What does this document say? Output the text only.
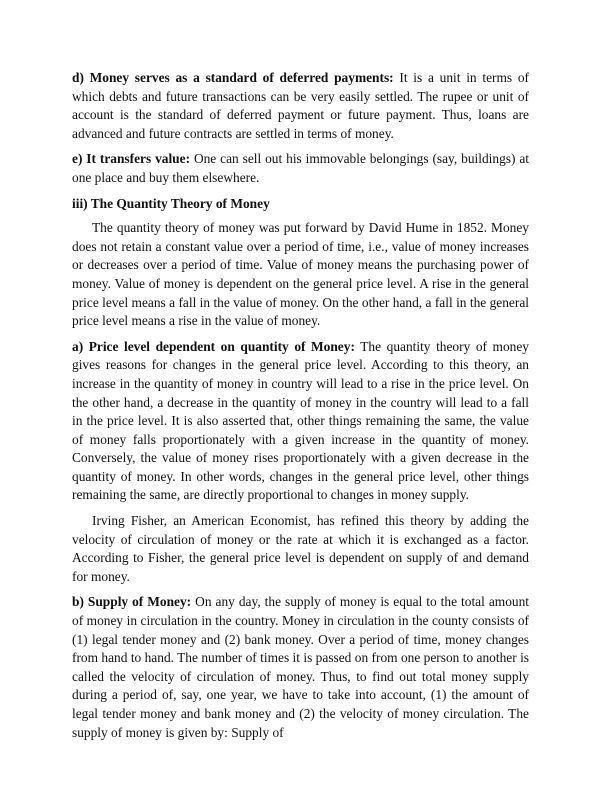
d) Money serves as a standard of deferred payments: It is a unit in terms of which debts and future transactions can be very easily settled. The rupee or unit of account is the standard of deferred payment or future payment. Thus, loans are advanced and future contracts are settled in terms of money.

e) It transfers value: One can sell out his immovable belongings (say, buildings) at one place and buy them elsewhere.

iii) The Quantity Theory of Money

The quantity theory of money was put forward by David Hume in 1852. Money does not retain a constant value over a period of time, i.e., value of money increases or decreases over a period of time. Value of money means the purchasing power of money. Value of money is dependent on the general price level. A rise in the general price level means a fall in the value of money. On the other hand, a fall in the general price level means a rise in the value of money.

a) Price level dependent on quantity of Money: The quantity theory of money gives reasons for changes in the general price level. According to this theory, an increase in the quantity of money in country will lead to a rise in the price level. On the other hand, a decrease in the quantity of money in the country will lead to a fall in the price level. It is also asserted that, other things remaining the same, the value of money falls proportionately with a given increase in the quantity of money. Conversely, the value of money rises proportionately with a given decrease in the quantity of money. In other words, changes in the general price level, other things remaining the same, are directly proportional to changes in money supply.

Irving Fisher, an American Economist, has refined this theory by adding the velocity of circulation of money or the rate at which it is exchanged as a factor. According to Fisher, the general price level is dependent on supply of and demand for money.

b) Supply of Money: On any day, the supply of money is equal to the total amount of money in circulation in the country. Money in circulation in the county consists of (1) legal tender money and (2) bank money. Over a period of time, money changes from hand to hand. The number of times it is passed on from one person to another is called the velocity of circulation of money. Thus, to find out total money supply during a period of, say, one year, we have to take into account, (1) the amount of legal tender money and bank money and (2) the velocity of money circulation. The supply of money is given by: Supply of
